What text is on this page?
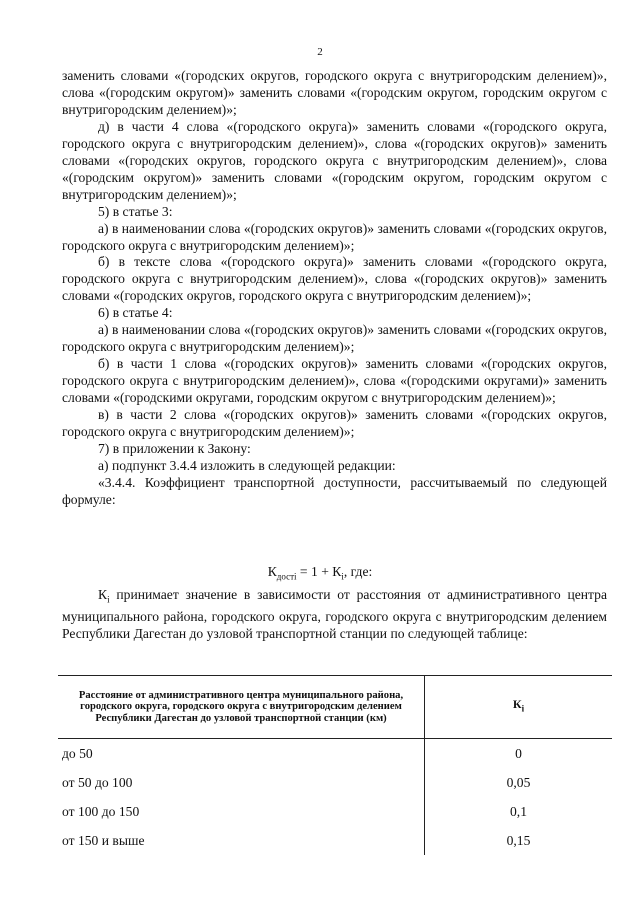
2

заменить словами «(городских округов, городского округа с внутригородским делением)», слова «(городским округом)» заменить словами «(городским округом, городским округом с внутригородским делением)»;

д) в части 4 слова «(городского округа)» заменить словами «(городского округа, городского округа с внутригородским делением)», слова «(городских округов)» заменить словами «(городских округов, городского округа с внутригородским делением)», слова «(городским округом)» заменить словами «(городским округом, городским округом с внутригородским делением)»;

5) в статье 3:

а) в наименовании слова «(городских округов)» заменить словами «(городских округов, городского округа с внутригородским делением)»;

б) в тексте слова «(городского округа)» заменить словами «(городского округа, городского округа с внутригородским делением)», слова «(городских округов)» заменить словами «(городских округов, городского округа с внутригородским делением)»;

6) в статье 4:

а) в наименовании слова «(городских округов)» заменить словами «(городских округов, городского округа с внутригородским делением)»;

б) в части 1 слова «(городских округов)» заменить словами «(городских округов, городского округа с внутригородским делением)», слова «(городскими округами)» заменить словами «(городскими округами, городским округом с внутригородским делением)»;

в) в части 2 слова «(городских округов)» заменить словами «(городских округов, городского округа с внутригородским делением)»;

7) в приложении к Закону:

а) подпункт 3.4.4 изложить в следующей редакции:

«3.4.4. Коэффициент транспортной доступности, рассчитываемый по следующей формуле:

$К_{дості} = 1 + К_і$, где:

$К_і$ принимает значение в зависимости от расстояния от административного центра муниципального района, городского округа, городского округа с внутригородским делением Республики Дагестан до узловой транспортной станции по следующей таблице:

Расстояние от административного центра муниципального района, городского округа, городского округа с внутригородским делением Республики Дагестан до узловой транспортной станции (км)	$К_і$
до 50	0
от 50 до 100	0,05
от 100 до 150	0,1
от 150 и выше	0,15
